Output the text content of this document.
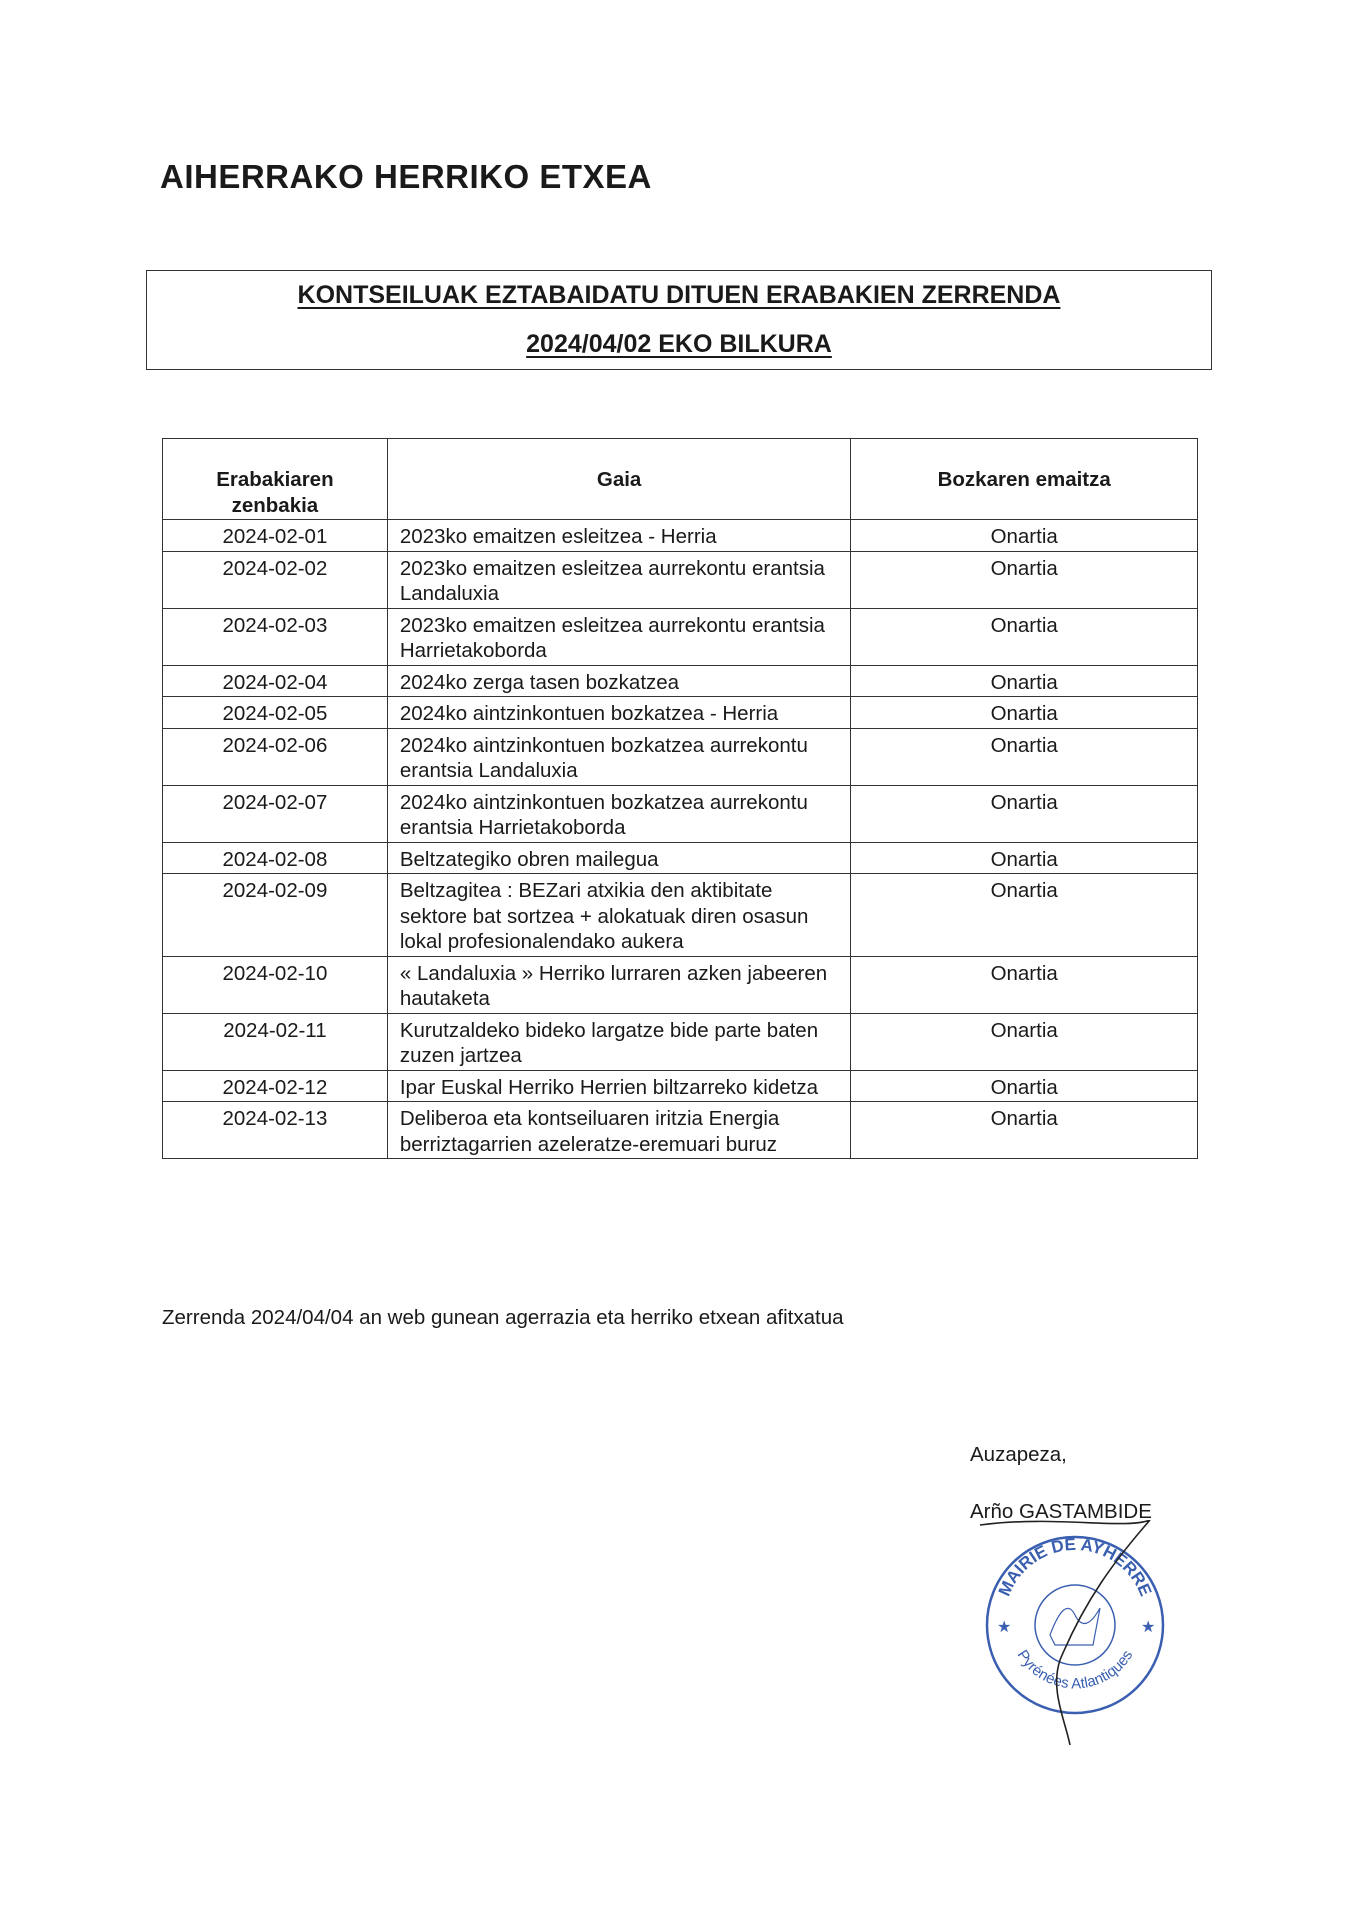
AIHERRAKO HERRIKO ETXEA
KONTSEILUAK EZTABAIDATU DITUEN ERABAKIEN ZERRENDA
2024/04/02 EKO BILKURA
Erabakiaren zenbakia	Gaia	Bozkaren emaitza
2024-02-01	2023ko emaitzen esleitzea - Herria	Onartia
2024-02-02	2023ko emaitzen esleitzea aurrekontu erantsia Landaluxia	Onartia
2024-02-03	2023ko emaitzen esleitzea aurrekontu erantsia Harrietakoborda	Onartia
2024-02-04	2024ko zerga tasen bozkatzea	Onartia
2024-02-05	2024ko aintzinkontuen bozkatzea - Herria	Onartia
2024-02-06	2024ko aintzinkontuen bozkatzea aurrekontu erantsia Landaluxia	Onartia
2024-02-07	2024ko aintzinkontuen bozkatzea aurrekontu erantsia Harrietakoborda	Onartia
2024-02-08	Beltzategiko obren mailegua	Onartia
2024-02-09	Beltzagitea : BEZari atxikia den aktibitate sektore bat sortzea + alokatuak diren osasun lokal profesionalendako aukera	Onartia
2024-02-10	« Landaluxia » Herriko lurraren azken jabeeren hautaketa	Onartia
2024-02-11	Kurutzaldeko bideko largatze bide parte baten zuzen jartzea	Onartia
2024-02-12	Ipar Euskal Herriko Herrien biltzarreko kidetza	Onartia
2024-02-13	Deliberoa eta kontseiluaren iritzia Energia berriztagarrien azeleratze-eremuari buruz	Onartia

Zerrenda 2024/04/04 an web gunean agerrazia eta herriko etxean afitxatua

Auzapeza,

Arño GASTAMBIDE

MAIRIE DE AYHERRE
Pyrénées Atlantiques
★	★
